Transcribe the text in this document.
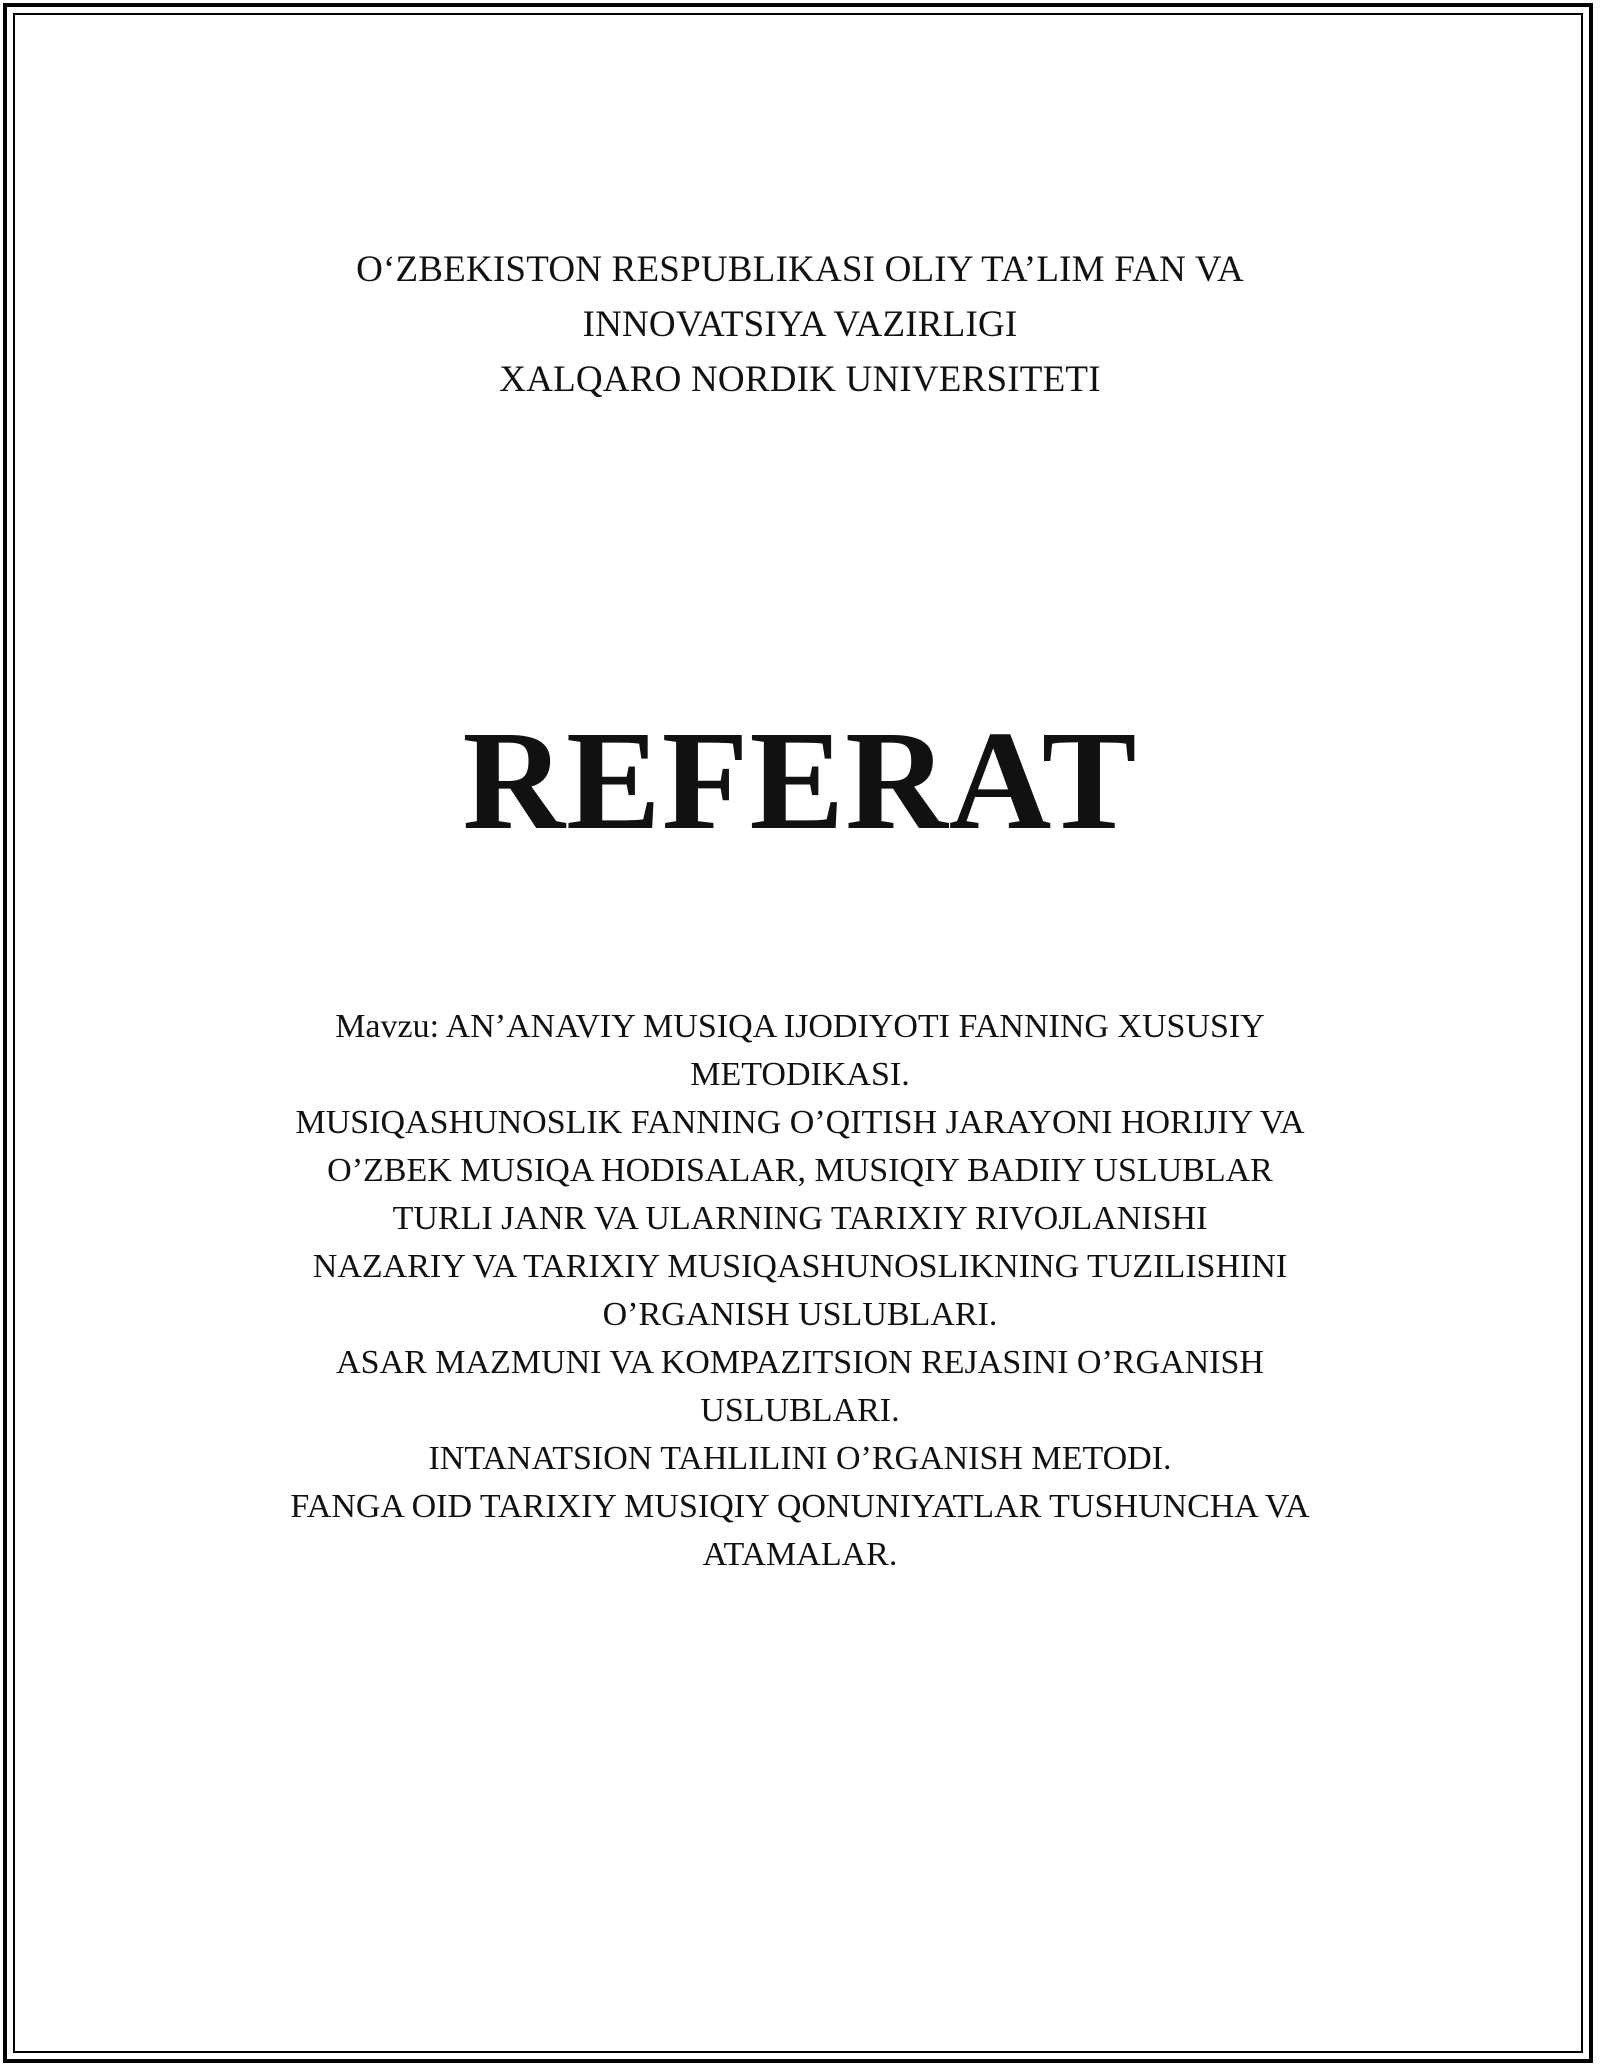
O‘ZBEKISTON RESPUBLIKASI OLIY TA’LIM FAN VA
INNOVATSIYA VAZIRLIGI
XALQARO NORDIK UNIVERSITETI
REFERAT
Mavzu: AN’ANAVIY MUSIQA IJODIYOTI FANNING XUSUSIY
METODIKASI.
MUSIQASHUNOSLIK FANNING O’QITISH JARAYONI HORIJIY VA
O’ZBEK MUSIQA HODISALAR, MUSIQIY BADIIY USLUBLAR
TURLI JANR VA ULARNING TARIXIY RIVOJLANISHI
NAZARIY VA TARIXIY MUSIQASHUNOSLIKNING TUZILISHINI
O’RGANISH USLUBLARI.
ASAR MAZMUNI VA KOMPAZITSION REJASINI O’RGANISH
USLUBLARI.
INTANATSION TAHLILINI O’RGANISH METODI.
FANGA OID TARIXIY MUSIQIY QONUNIYATLAR TUSHUNCHA VA
ATAMALAR.
